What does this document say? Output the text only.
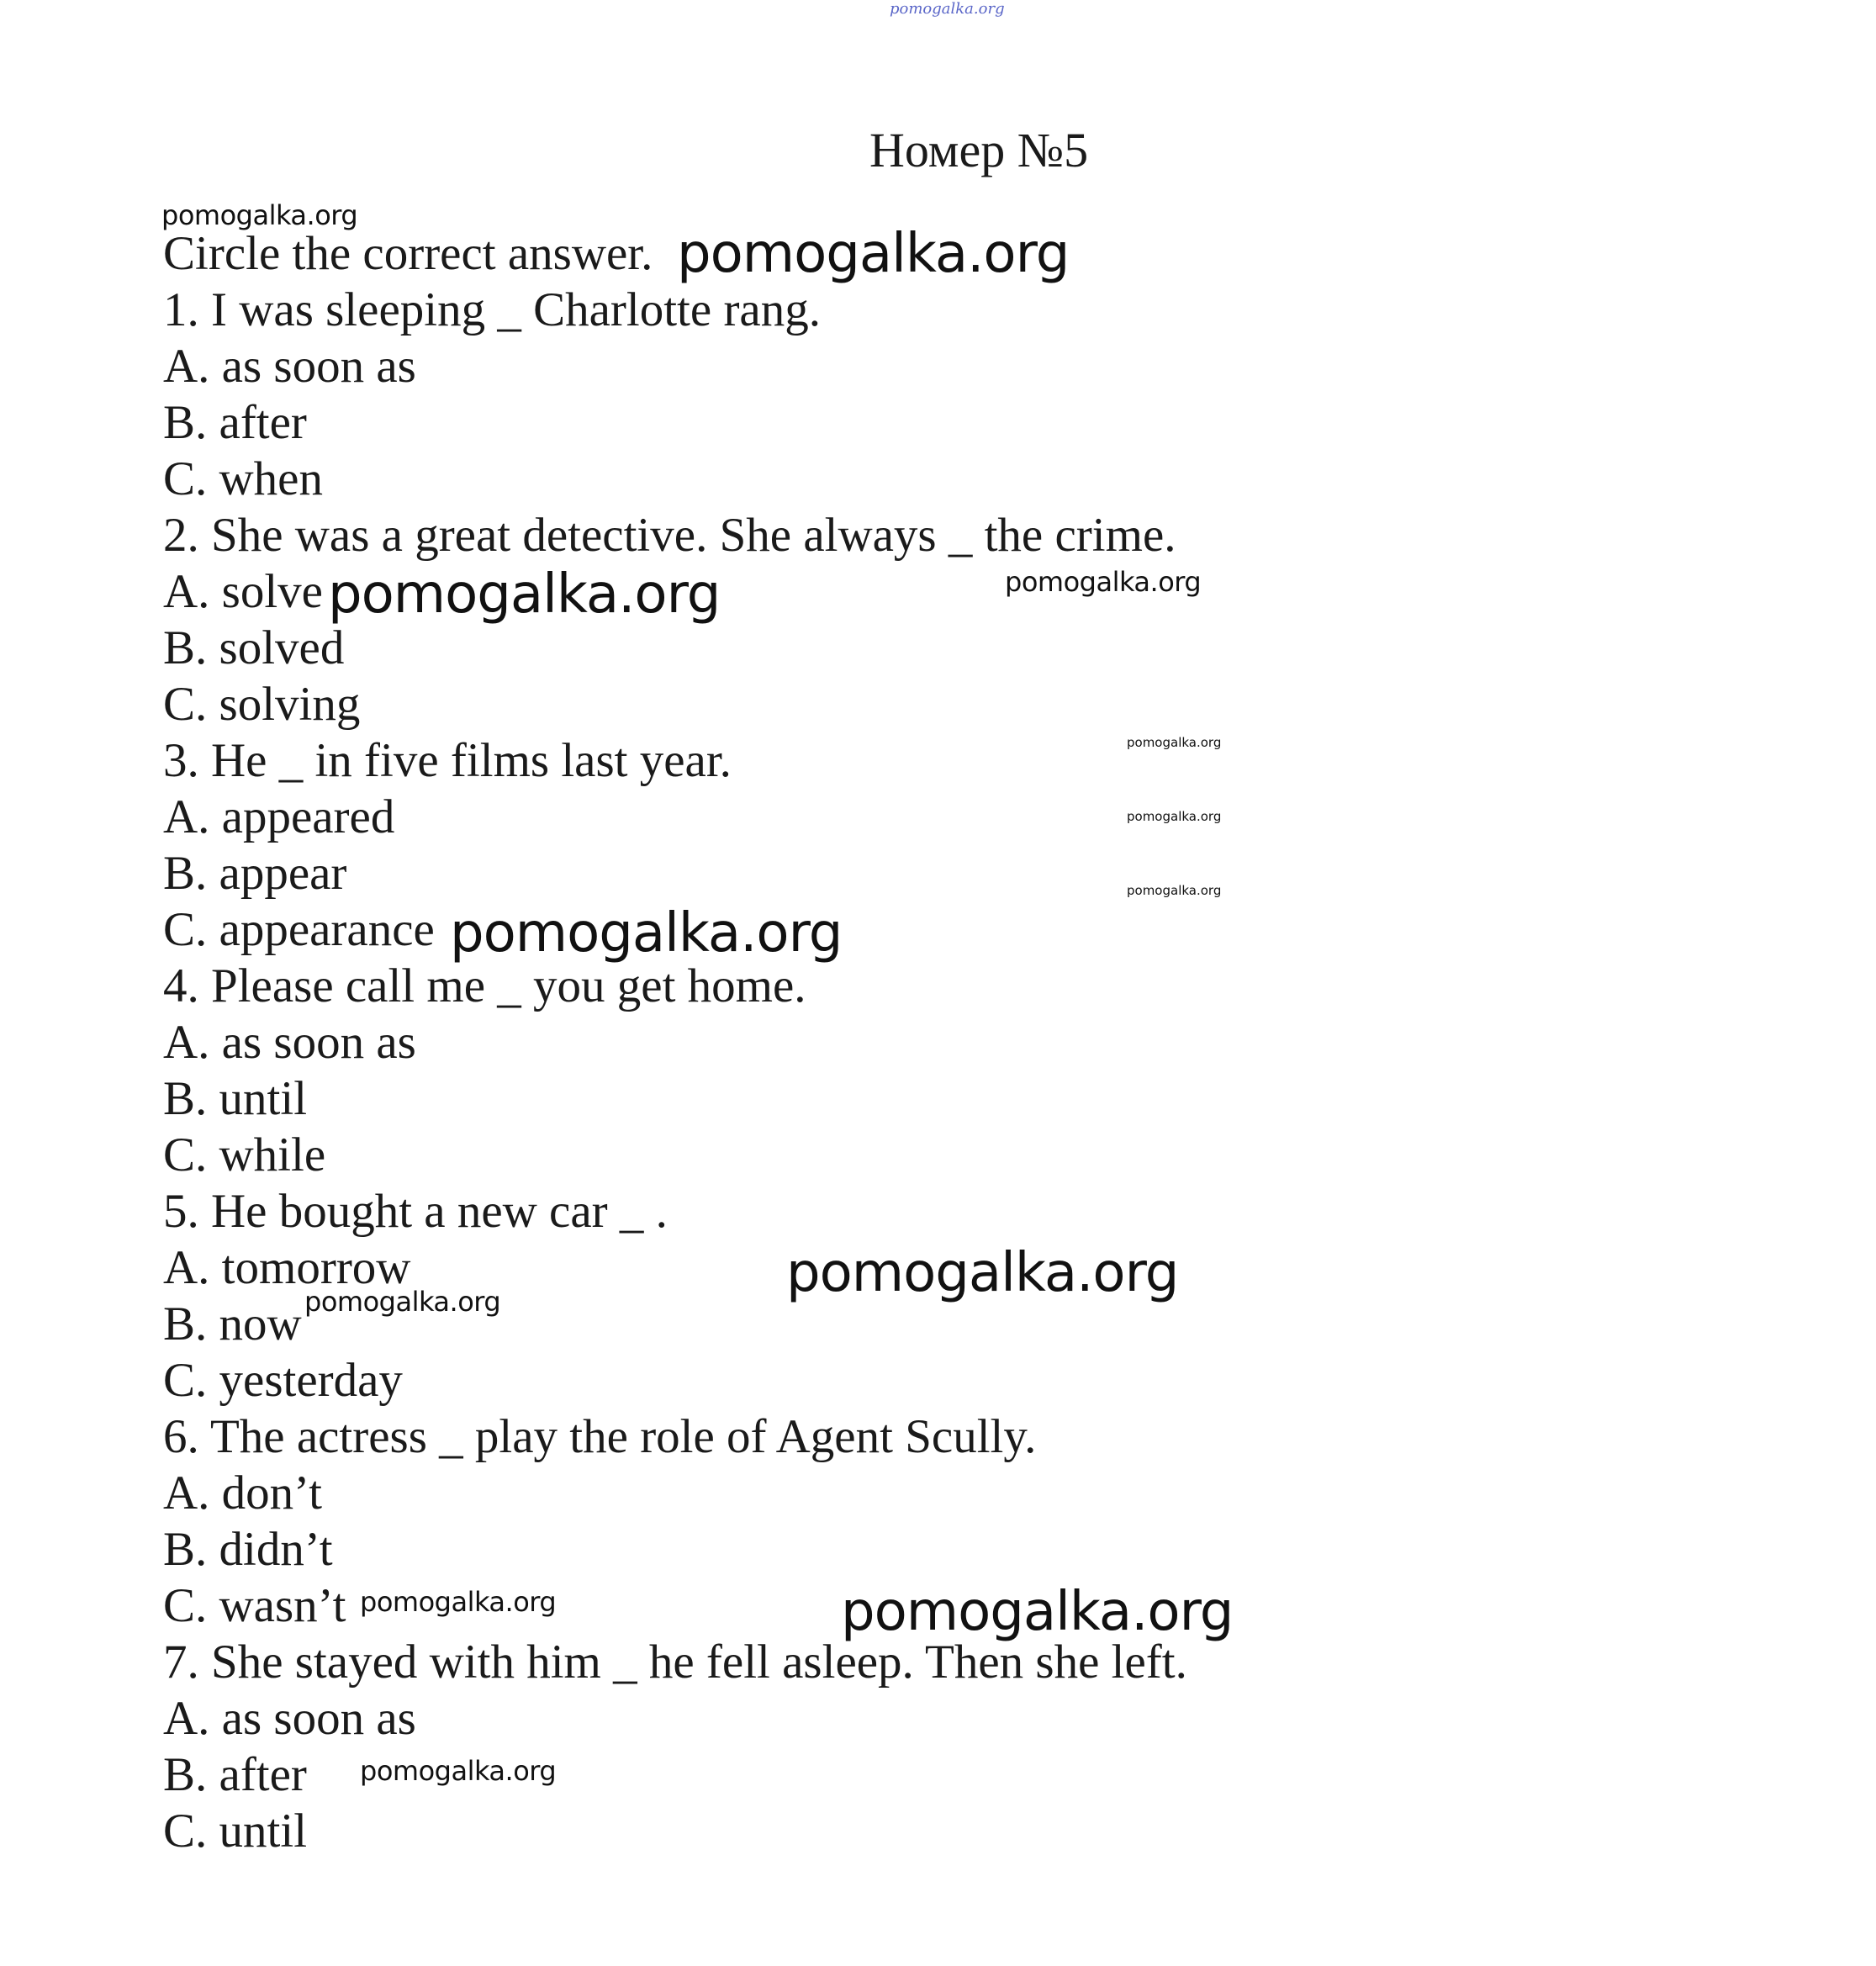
pomogalka.org
Номер №5
pomogalka.org
pomogalka.org
pomogalka.org	pomogalka.org
pomogalka.org
pomogalka.org
pomogalka.org
pomogalka.org
pomogalka.org
pomogalka.org
pomogalka.org	pomogalka.org
pomogalka.org
Circle the correct answer.
1. I was sleeping _ Charlotte rang.
A. as soon as
B. after
C. when
2. She was a great detective. She always _ the crime.
A. solve
B. solved
C. solving
3. He _ in five films last year.
A. appeared
B. appear
C. appearance
4. Please call me _ you get home.
A. as soon as
B. until
C. while
5. He bought a new car _ .
A. tomorrow
B. now
C. yesterday
6. The actress _ play the role of Agent Scully.
A. don’t
B. didn’t
C. wasn’t
7. She stayed with him _ he fell asleep. Then she left.
A. as soon as
B. after
C. until
